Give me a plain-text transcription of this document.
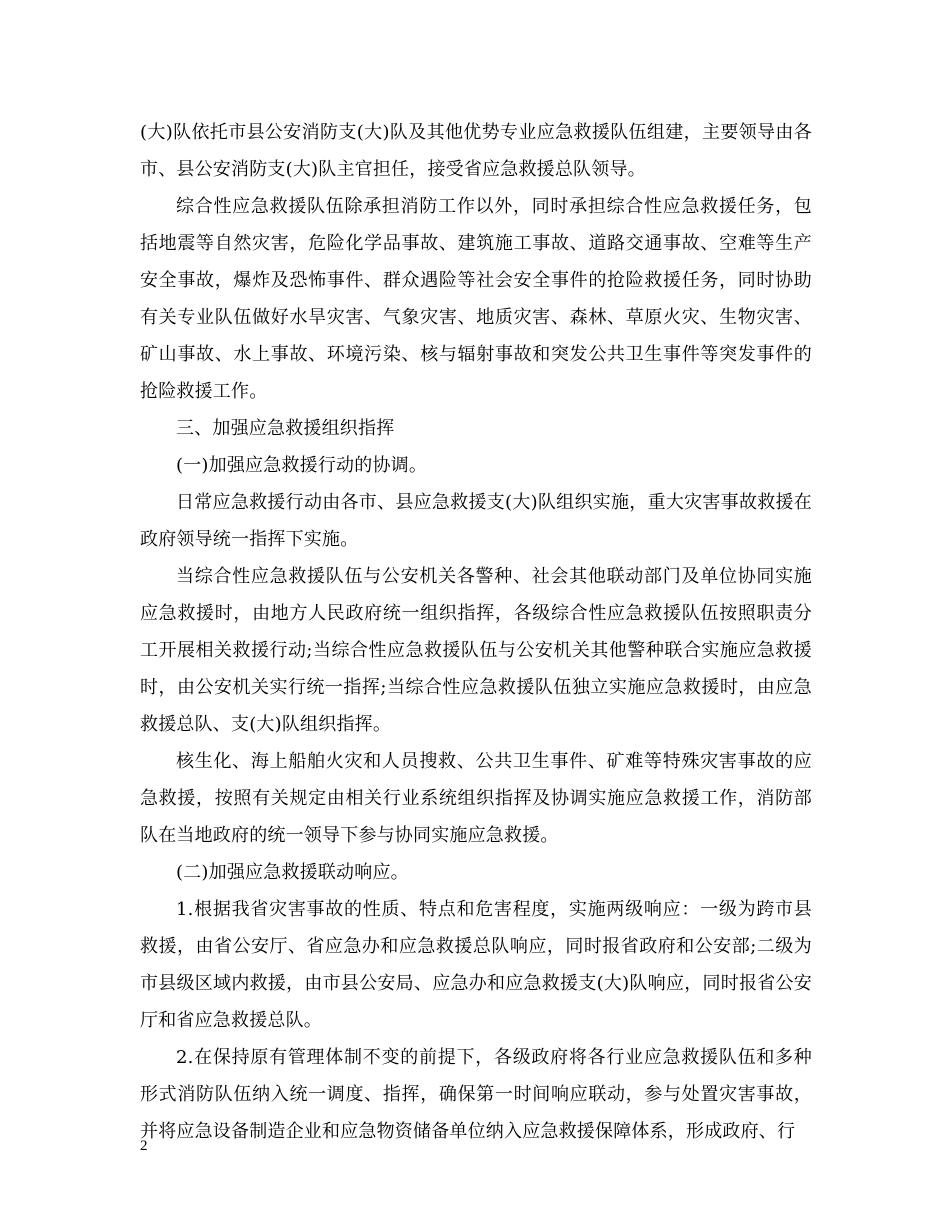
(大)队依托市县公安消防支(大)队及其他优势专业应急救援队伍组建，主要领导由各市、县公安消防支(大)队主官担任，接受省应急救援总队领导。

综合性应急救援队伍除承担消防工作以外，同时承担综合性应急救援任务，包括地震等自然灾害，危险化学品事故、建筑施工事故、道路交通事故、空难等生产安全事故，爆炸及恐怖事件、群众遇险等社会安全事件的抢险救援任务，同时协助有关专业队伍做好水旱灾害、气象灾害、地质灾害、森林、草原火灾、生物灾害、矿山事故、水上事故、环境污染、核与辐射事故和突发公共卫生事件等突发事件的抢险救援工作。

三、加强应急救援组织指挥

(一)加强应急救援行动的协调。

日常应急救援行动由各市、县应急救援支(大)队组织实施，重大灾害事故救援在政府领导统一指挥下实施。

当综合性应急救援队伍与公安机关各警种、社会其他联动部门及单位协同实施应急救援时，由地方人民政府统一组织指挥，各级综合性应急救援队伍按照职责分工开展相关救援行动;当综合性应急救援队伍与公安机关其他警种联合实施应急救援时，由公安机关实行统一指挥;当综合性应急救援队伍独立实施应急救援时，由应急救援总队、支(大)队组织指挥。

核生化、海上船舶火灾和人员搜救、公共卫生事件、矿难等特殊灾害事故的应急救援，按照有关规定由相关行业系统组织指挥及协调实施应急救援工作，消防部队在当地政府的统一领导下参与协同实施应急救援。

(二)加强应急救援联动响应。

1.根据我省灾害事故的性质、特点和危害程度，实施两级响应：一级为跨市县救援，由省公安厅、省应急办和应急救援总队响应，同时报省政府和公安部;二级为市县级区域内救援，由市县公安局、应急办和应急救援支(大)队响应，同时报省公安厅和省应急救援总队。

2.在保持原有管理体制不变的前提下，各级政府将各行业应急救援队伍和多种形式消防队伍纳入统一调度、指挥，确保第一时间响应联动，参与处置灾害事故，并将应急设备制造企业和应急物资储备单位纳入应急救援保障体系，形成政府、行

2
